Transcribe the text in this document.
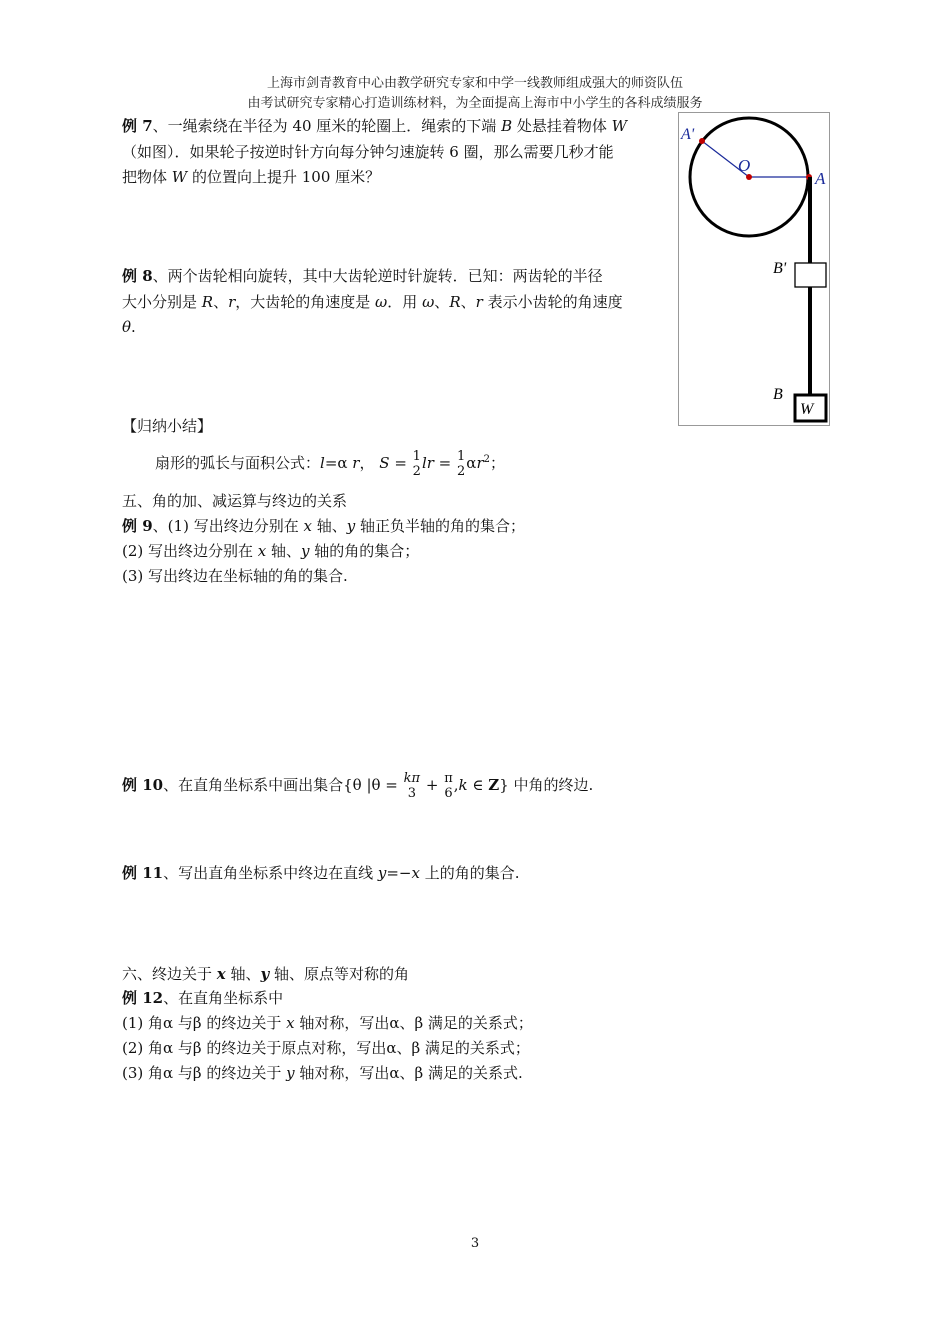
上海市剑青教育中心由教学研究专家和中学一线教师组成强大的师资队伍
由考试研究专家精心打造训练材料，为全面提高上海市中小学生的各科成绩服务
例 7、一绳索绕在半径为 40 厘米的轮圈上．绳索的下端 B 处悬挂着物体 W
（如图）．如果轮子按逆时针方向每分钟匀速旋转 6 圈，那么需要几秒才能
把物体 W 的位置向上提升 100 厘米？
例 8、两个齿轮相向旋转，其中大齿轮逆时针旋转．已知：两齿轮的半径
大小分别是 R、r，大齿轮的角速度是 ω．用 ω、R、r 表示小齿轮的角速度
θ.
【归纳小结】
扇形的弧长与面积公式：l=α r， S = 1
2 lr = 1
2 $\alpha r^2$；
五、角的加、减运算与终边的关系
例 9、(1) 写出终边分别在 x 轴、y 轴正负半轴的角的集合；
(2) 写出终边分别在 x 轴、y 轴的角的集合；
(3) 写出终边在坐标轴的角的集合.
例 10、在直角坐标系中画出集合{θ |θ = kπ
3 + π
6 ,k ∈ Z} 中角的终边.
例 11、写出直角坐标系中终边在直线 y=−x 上的角的集合.
六、终边关于 x 轴、y 轴、原点等对称的角
例 12、在直角坐标系中
(1) 角α 与β 的终边关于 x 轴对称，写出α、β 满足的关系式；
(2) 角α 与β 的终边关于原点对称，写出α、β 满足的关系式；
(3) 角α 与β 的终边关于 y 轴对称，写出α、β 满足的关系式.
A'
O
A
B'
B
W
3
